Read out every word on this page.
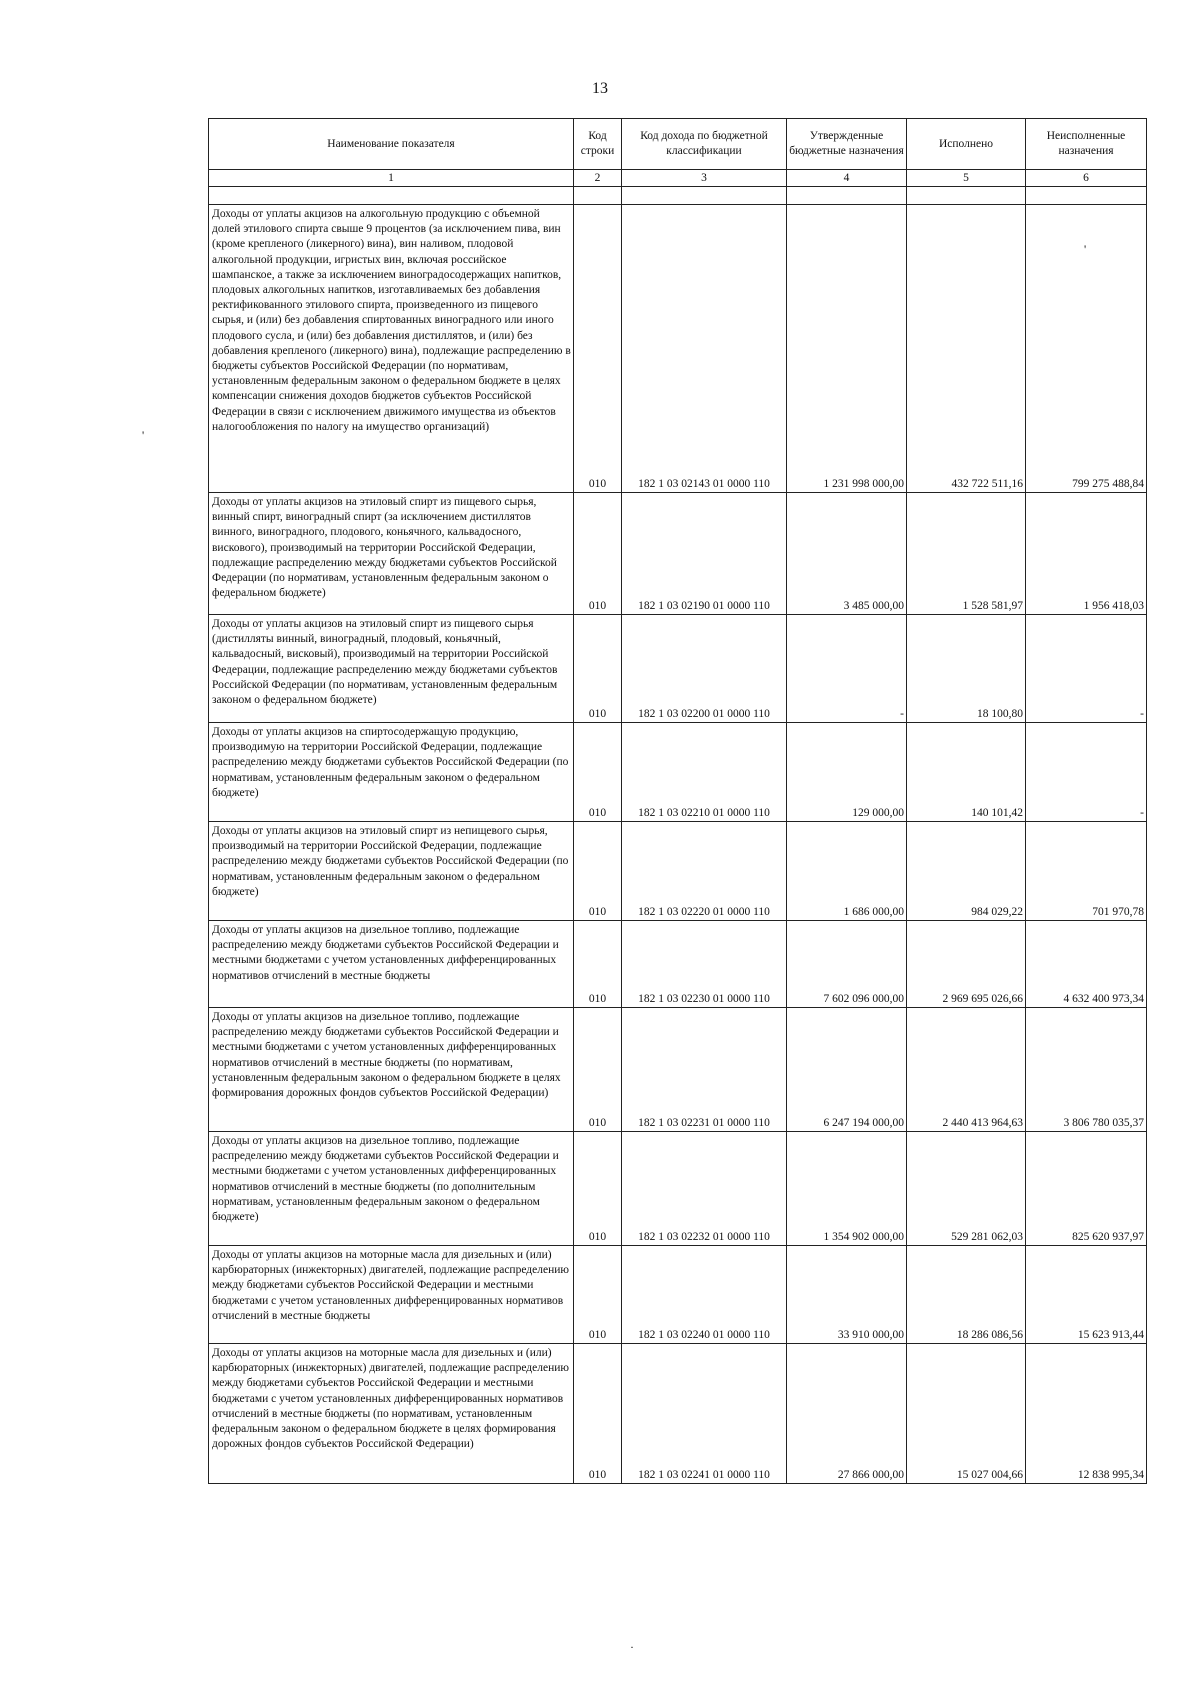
13
Наименование показателя	Код строки	Код дохода по бюджетной классификации	Утвержденные бюджетные назначения	Исполнено	Неисполненные назначения
1	2	3	4	5	6

Доходы от уплаты акцизов на алкогольную продукцию с объемной долей этилового спирта свыше 9 процентов (за исключением пива, вин (кроме крепленого (ликерного) вина), вин наливом, плодовой алкогольной продукции, игристых вин, включая российское шампанское, а также за исключением виноградосодержащих напитков, плодовых алкогольных напитков, изготавливаемых без добавления ректификованного этилового спирта, произведенного из пищевого сырья, и (или) без добавления спиртованных виноградного или иного плодового сусла, и (или) без добавления дистиллятов, и (или) без добавления крепленого (ликерного) вина), подлежащие распределению в бюджеты субъектов Российской Федерации (по нормативам, установленным федеральным законом о федеральном бюджете в целях компенсации снижения доходов бюджетов субъектов Российской Федерации в связи с исключением движимого имущества из объектов налогообложения по налогу на имущество организаций)	010	182 1 03 02143 01 0000 110	1 231 998 000,00	432 722 511,16	799 275 488,84
Доходы от уплаты акцизов на этиловый спирт из пищевого сырья, винный спирт, виноградный спирт (за исключением дистиллятов винного, виноградного, плодового, коньячного, кальвадосного, вискового), производимый на территории Российской Федерации, подлежащие распределению между бюджетами субъектов Российской Федерации (по нормативам, установленным федеральным законом о федеральном бюджете)	010	182 1 03 02190 01 0000 110	3 485 000,00	1 528 581,97	1 956 418,03
Доходы от уплаты акцизов на этиловый спирт из пищевого сырья (дистилляты винный, виноградный, плодовый, коньячный, кальвадосный, висковый), производимый на территории Российской Федерации, подлежащие распределению между бюджетами субъектов Российской Федерации (по нормативам, установленным федеральным законом о федеральном бюджете)	010	182 1 03 02200 01 0000 110	-	18 100,80	-
Доходы от уплаты акцизов на спиртосодержащую продукцию, производимую на территории Российской Федерации, подлежащие распределению между бюджетами субъектов Российской Федерации (по нормативам, установленным федеральным законом о федеральном бюджете)	010	182 1 03 02210 01 0000 110	129 000,00	140 101,42	-
Доходы от уплаты акцизов на этиловый спирт из непищевого сырья, производимый на территории Российской Федерации, подлежащие распределению между бюджетами субъектов Российской Федерации (по нормативам, установленным федеральным законом о федеральном бюджете)	010	182 1 03 02220 01 0000 110	1 686 000,00	984 029,22	701 970,78
Доходы от уплаты акцизов на дизельное топливо, подлежащие распределению между бюджетами субъектов Российской Федерации и местными бюджетами с учетом установленных дифференцированных нормативов отчислений в местные бюджеты	010	182 1 03 02230 01 0000 110	7 602 096 000,00	2 969 695 026,66	4 632 400 973,34
Доходы от уплаты акцизов на дизельное топливо, подлежащие распределению между бюджетами субъектов Российской Федерации и местными бюджетами с учетом установленных дифференцированных нормативов отчислений в местные бюджеты (по нормативам, установленным федеральным законом о федеральном бюджете в целях формирования дорожных фондов субъектов Российской Федерации)	010	182 1 03 02231 01 0000 110	6 247 194 000,00	2 440 413 964,63	3 806 780 035,37
Доходы от уплаты акцизов на дизельное топливо, подлежащие распределению между бюджетами субъектов Российской Федерации и местными бюджетами с учетом установленных дифференцированных нормативов отчислений в местные бюджеты (по дополнительным нормативам, установленным федеральным законом о федеральном бюджете)	010	182 1 03 02232 01 0000 110	1 354 902 000,00	529 281 062,03	825 620 937,97
Доходы от уплаты акцизов на моторные масла для дизельных и (или) карбюраторных (инжекторных) двигателей, подлежащие распределению между бюджетами субъектов Российской Федерации и местными бюджетами с учетом установленных дифференцированных нормативов отчислений в местные бюджеты	010	182 1 03 02240 01 0000 110	33 910 000,00	18 286 086,56	15 623 913,44
Доходы от уплаты акцизов на моторные масла для дизельных и (или) карбюраторных (инжекторных) двигателей, подлежащие распределению между бюджетами субъектов Российской Федерации и местными бюджетами с учетом установленных дифференцированных нормативов отчислений в местные бюджеты (по нормативам, установленным федеральным законом о федеральном бюджете в целях формирования дорожных фондов субъектов Российской Федерации)	010	182 1 03 02241 01 0000 110	27 866 000,00	15 027 004,66	12 838 995,34
'
'
·
